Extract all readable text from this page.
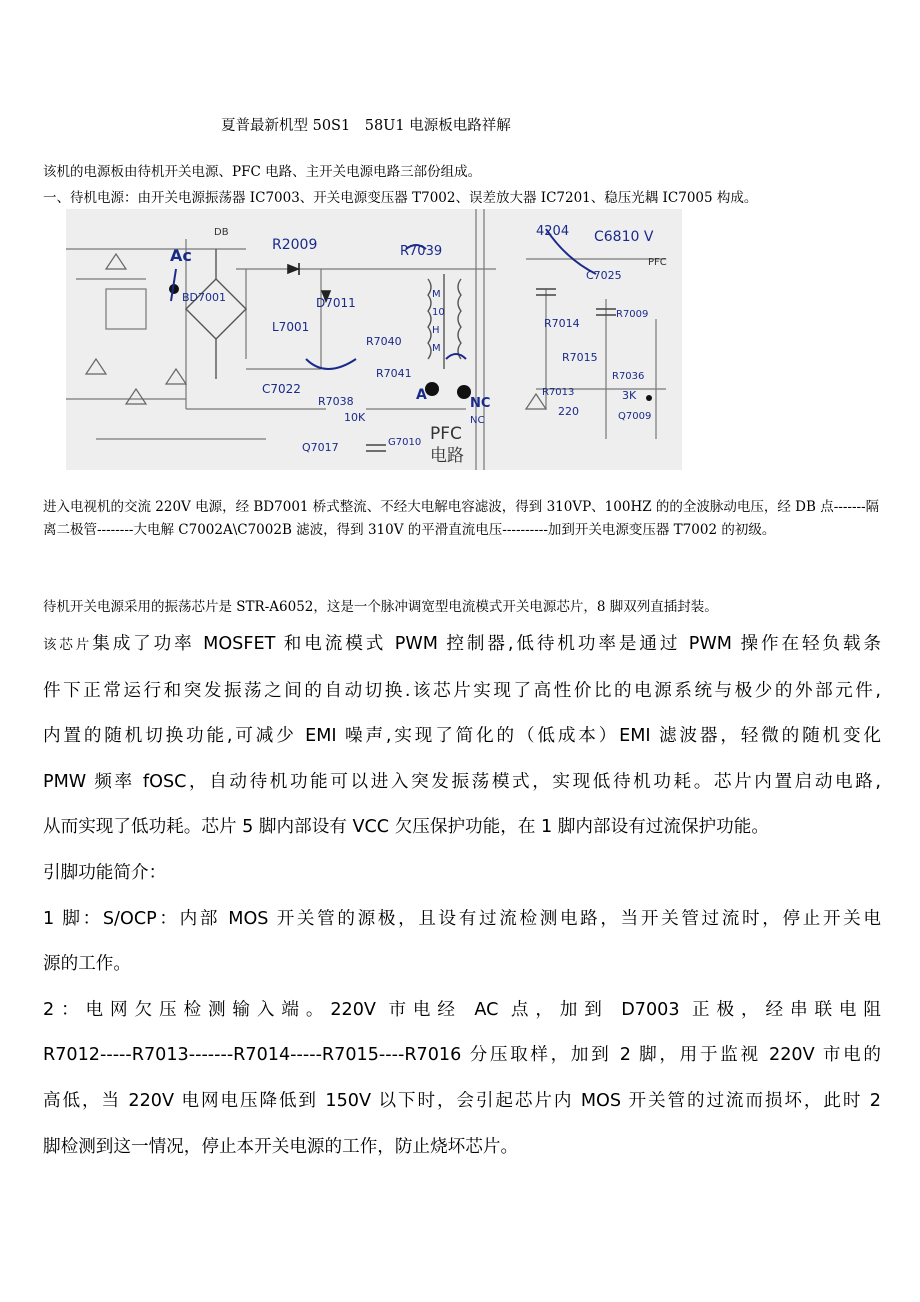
夏普最新机型 50S1　58U1 电源板电路祥解
该机的电源板由待机开关电源、PFC 电路、主开关电源电路三部份组成。
一、待机电源：由开关电源振荡器 IC7003、开关电源变压器 T7002、误差放大器 IC7201、稳压光耦 IC7005 构成。
DB
PFC
PFC
电路
Ac
BD7001
R2009
D7011
R7039
L7001
R7040
R7041
C7022
R7038
10K
A
NC
NC
M
10
H
M
4204 C6810 V
C7025
R7014
R7015
R7009
R7036
3K
R7013
220	Q7009
Q7017	G7010
进入电视机的交流 220V 电源，经 BD7001 桥式整流、不经大电解电容滤波，得到 310VP、100HZ 的的全波脉动电压，经 DB 点-------隔离二极管--------大电解 C7002A\C7002B 滤波，得到 310V 的平滑直流电压----------加到开关电源变压器 T7002 的初级。
待机开关电源采用的振荡芯片是 STR-A6052，这是一个脉冲调宽型电流模式开关电源芯片，8 脚双列直插封装。
该芯片集成了功率 MOSFET 和电流模式 PWM 控制器,低待机功率是通过 PWM 操作在轻负载条
件下正常运行和突发振荡之间的自动切换.该芯片实现了高性价比的电源系统与极少的外部元件,
内置的随机切换功能,可减少 EMI 噪声,实现了简化的（低成本）EMI 滤波器，轻微的随机变化
PMW 频率 fOSC，自动待机功能可以进入突发振荡模式，实现低待机功耗。芯片内置启动电路,
从而实现了低功耗。芯片 5 脚内部设有 VCC 欠压保护功能，在 1 脚内部设有过流保护功能。
引脚功能简介：
1 脚：S/OCP：内部 MOS 开关管的源极，且设有过流检测电路，当开关管过流时，停止开关电
源的工作。
2：电网欠压检测输入端。220V 市电经 AC 点，加到 D7003 正极，经串联电阻
R7012-----R7013-------R7014-----R7015----R7016 分压取样，加到 2 脚，用于监视 220V 市电的
高低，当 220V 电网电压降低到 150V 以下时，会引起芯片内 MOS 开关管的过流而损坏，此时 2
脚检测到这一情况，停止本开关电源的工作，防止烧坏芯片。
